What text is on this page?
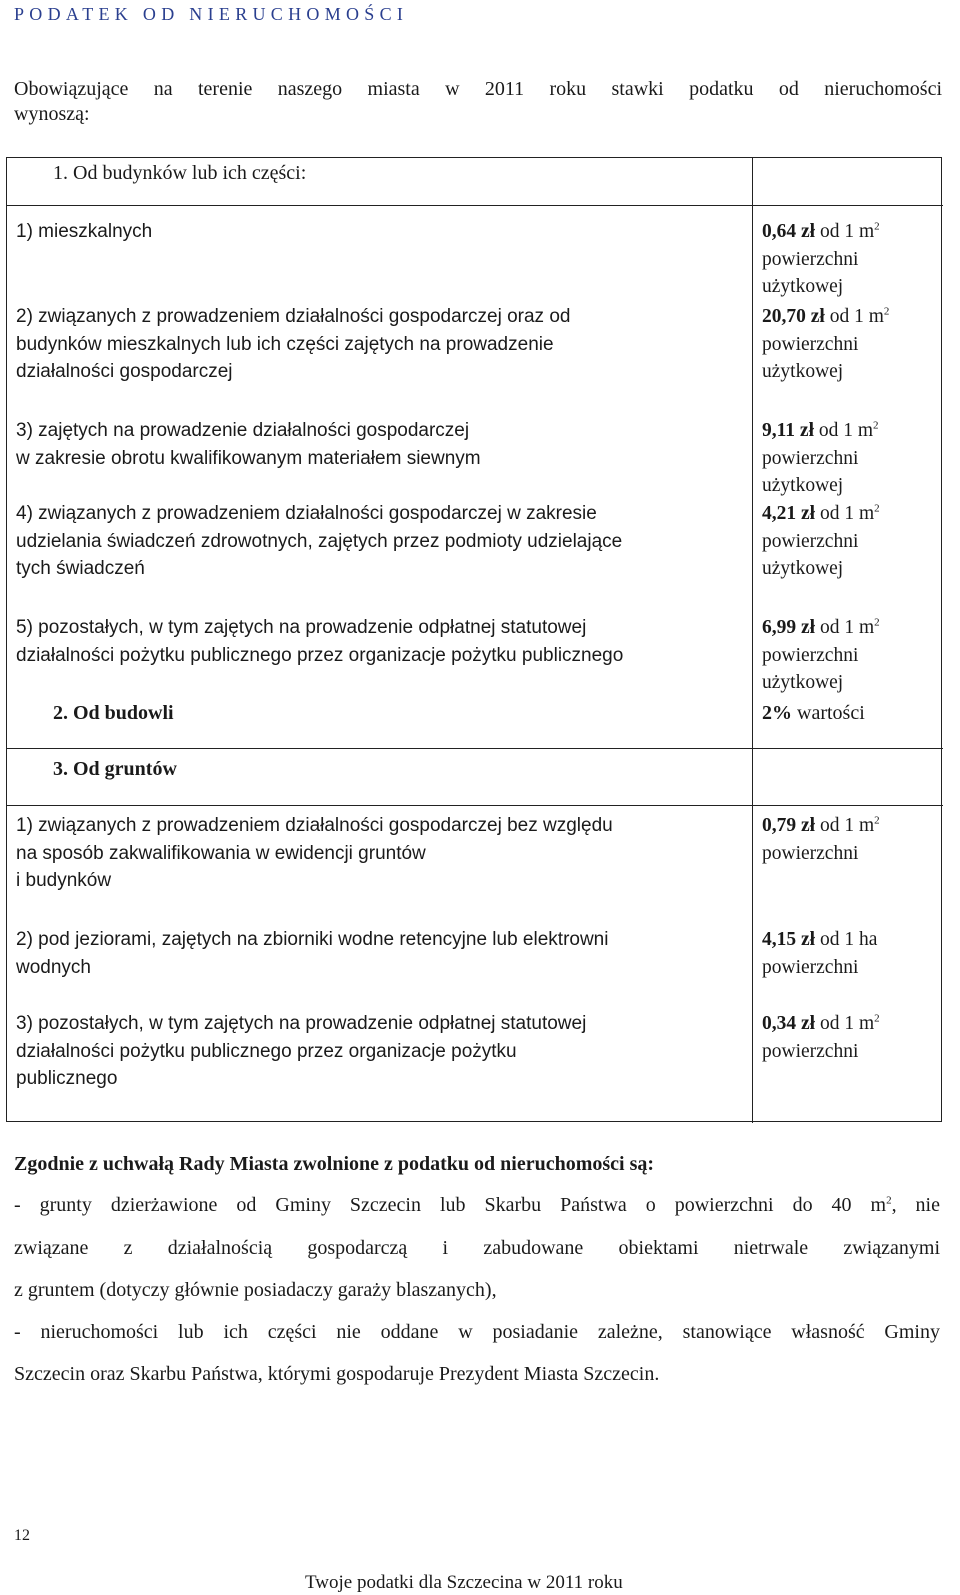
PODATEK OD NIERUCHOMOŚCI
Obowiązujące na terenie naszego miasta w 2011 roku stawki podatku od nieruchomości
wynoszą:
1. Od budynków lub ich części:
1) mieszkalnych	0,64 zł od 1 $m^2$
powierzchni
użytkowej
2) związanych z prowadzeniem działalności gospodarczej oraz od
budynków mieszkalnych lub ich części zajętych na prowadzenie
działalności gospodarczej
20,70 zł od 1 $m^2$
powierzchni
użytkowej
3) zajętych na prowadzenie działalności gospodarczej
w zakresie obrotu kwalifikowanym materiałem siewnym
9,11 zł od 1 $m^2$
powierzchni
użytkowej
4) związanych z prowadzeniem działalności gospodarczej w zakresie
udzielania świadczeń zdrowotnych, zajętych przez podmioty udzielające
tych świadczeń
4,21 zł od 1 $m^2$
powierzchni
użytkowej
5) pozostałych, w tym zajętych na prowadzenie odpłatnej statutowej
działalności pożytku publicznego przez organizacje pożytku publicznego
6,99 zł od 1 $m^2$
powierzchni
użytkowej
2. Od budowli	2% wartości
3. Od gruntów
1) związanych z prowadzeniem działalności gospodarczej bez względu
na sposób zakwalifikowania w ewidencji gruntów
i budynków
0,79 zł od 1 $m^2$
powierzchni
2) pod jeziorami, zajętych na zbiorniki wodne retencyjne lub elektrowni
wodnych
4,15 zł od 1 ha
powierzchni
3) pozostałych, w tym zajętych na prowadzenie odpłatnej statutowej
działalności pożytku publicznego przez organizacje pożytku
publicznego
0,34 zł od 1 $m^2$
powierzchni
Zgodnie z uchwałą Rady Miasta zwolnione z podatku od nieruchomości są:
- grunty dzierżawione od Gminy Szczecin lub Skarbu Państwa o powierzchni do 40 $m^2$, nie
związane z działalnością gospodarczą i zabudowane obiektami nietrwale związanymi
z gruntem (dotyczy głównie posiadaczy garaży blaszanych),
- nieruchomości lub ich części nie oddane w posiadanie zależne, stanowiące własność Gminy
Szczecin oraz Skarbu Państwa, którymi gospodaruje Prezydent Miasta Szczecin.
12
Twoje podatki dla Szczecina w 2011 roku
